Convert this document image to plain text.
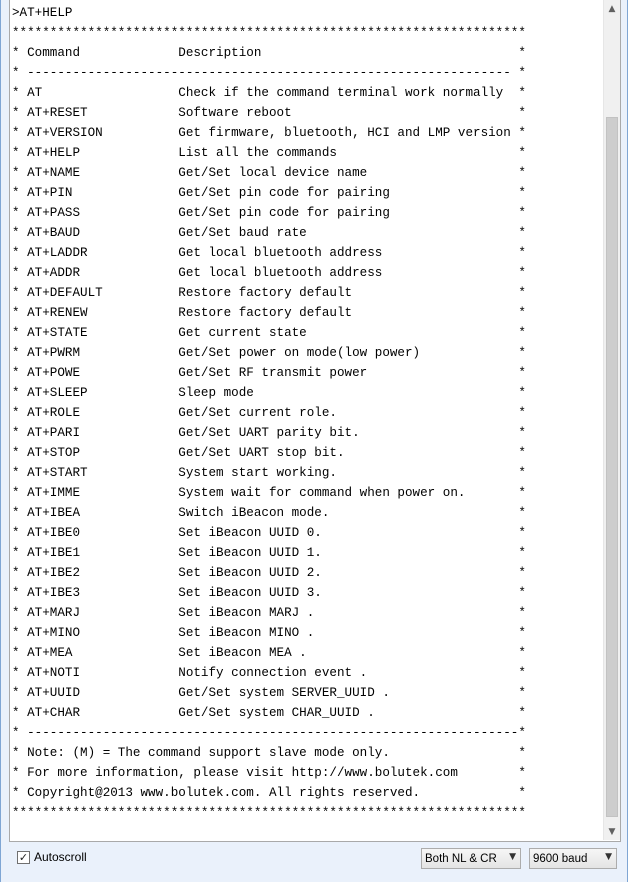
>AT+HELP
********************************************************************
* Command             Description                                  *
* ---------------------------------------------------------------- *
* AT                  Check if the command terminal work normally  *
* AT+RESET            Software reboot                              *
* AT+VERSION          Get firmware, bluetooth, HCI and LMP version *
* AT+HELP             List all the commands                        *
* AT+NAME             Get/Set local device name                    *
* AT+PIN              Get/Set pin code for pairing                 *
* AT+PASS             Get/Set pin code for pairing                 *
* AT+BAUD             Get/Set baud rate                            *
* AT+LADDR            Get local bluetooth address                  *
* AT+ADDR             Get local bluetooth address                  *
* AT+DEFAULT          Restore factory default                      *
* AT+RENEW            Restore factory default                      *
* AT+STATE            Get current state                            *
* AT+PWRM             Get/Set power on mode(low power)             *
* AT+POWE             Get/Set RF transmit power                    *
* AT+SLEEP            Sleep mode                                   *
* AT+ROLE             Get/Set current role.                        *
* AT+PARI             Get/Set UART parity bit.                     *
* AT+STOP             Get/Set UART stop bit.                       *
* AT+START            System start working.                        *
* AT+IMME             System wait for command when power on.       *
* AT+IBEA             Switch iBeacon mode.                         *
* AT+IBE0             Set iBeacon UUID 0.                          *
* AT+IBE1             Set iBeacon UUID 1.                          *
* AT+IBE2             Set iBeacon UUID 2.                          *
* AT+IBE3             Set iBeacon UUID 3.                          *
* AT+MARJ             Set iBeacon MARJ .                           *
* AT+MINO             Set iBeacon MINO .                           *
* AT+MEA              Set iBeacon MEA .                            *
* AT+NOTI             Notify connection event .                    *
* AT+UUID             Get/Set system SERVER_UUID .                 *
* AT+CHAR             Get/Set system CHAR_UUID .                   *
* -----------------------------------------------------------------*
* Note: (M) = The command support slave mode only.                 *
* For more information, please visit http://www.bolutek.com        *
* Copyright@2013 www.bolutek.com. All rights reserved.             *
********************************************************************
▲
▼
✓ Autoscroll	Both NL & CR ▼ 9600 baud ▼
